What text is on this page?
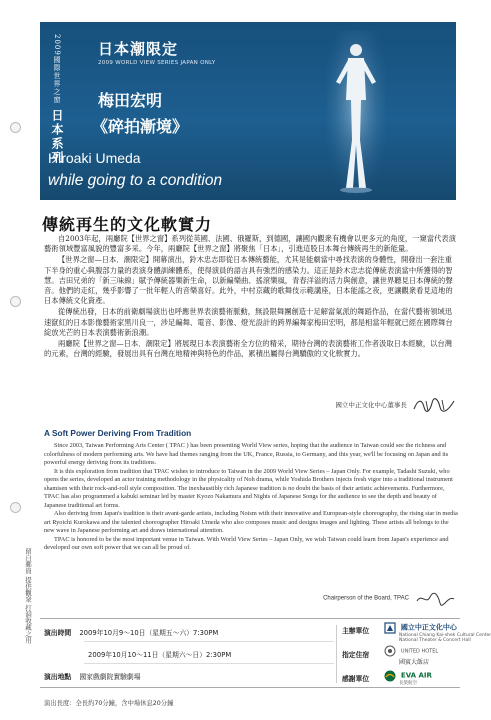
留自郵資 提供觀衆 打洞收藏之用
2009國際世界之窗 日本系列
日本潮限定
2009 WORLD VIEW SERIES JAPAN ONLY
梅田宏明
《碎拍漸境》
Hiroaki Umeda
while going to a condition
傳統再生的文化軟實力

自2003年起，兩廳院【世界之窗】系列從英國、法國、俄羅斯，到德國，讓國內觀衆有機會以更多元的角度，一窺當代表演藝術領域豐富風貌的豐富多采。今年，兩廳院【世界之窗】將聚焦「日本」，引進這股日本舞台傳統再生的新能量。

【世界之窗—日本．潮限定】開幕演出，鈴木忠志即從日本傳統藝能，尤其是能劇當中尋找表演的身體性，開發出一套注重下半身的重心與腹部力量的表演身體訓練體系，使得演員的語言具有強烈的感染力。這正是鈴木忠志從傳統表演當中所獲得的智慧。吉田兄弟的「新三味線」賦予傳統器樂新生命，以新編樂曲、搖滾樂風，青春洋溢的活力與創意，讓世界聽見日本傳統的聲音。他們的走紅，幾乎影響了一批年輕人的音樂喜好。此外，中村京藏的歌舞伎示範講座，日本能謠之夜，更讓觀衆看見這地的日本傳統文化資產。

從傳統出發，日本的前衛劇場演出也呼應世界表演藝術脈動，無設限舞團創造十足解當氣派的舞蹈作品，在當代藝術領域迅速竄紅的日本影像藝術家黑川良一，涉足編舞、電音、影像、燈光設計的跨界編舞家梅田宏明，都是相當年輕就已經在國際舞台綻放光芒的日本表演藝術新浪潮。

兩廳院【世界之窗—日本．潮限定】將展現日本表演藝術全方位的精采，期待台灣的表演藝術工作者汲取日本經驗，以台灣的元素，台灣的經驗，發展出具有台灣在地精神與特色的作品，累積出屬得台灣驕傲的文化軟實力。

國立中正文化中心董事長
A Soft Power Deriving From Tradition

Since 2003, Taiwan Performing Arts Center ( TPAC ) has been presenting World View series, hoping that the audience in Taiwan could see the richness and colorfulness of modern performing arts. We have had themes ranging from the UK, France, Russia, to Germany, and this year, we'll be focusing on Japan and its powerful energy deriving from its traditions.

It is this exploration from tradition that TPAC wishes to introduce to Taiwan in the 2009 World View Series – Japan Only. For example, Tadashi Suzuki, who opens the series, developed an actor training methodology in the physicality of Noh drama, while Yoshida Brothers injects fresh vigor into a traditional instrument shamisen with their rock-and-roll style composition. The inexhaustibly rich Japanese tradition is no doubt the basis of their artistic achievements. Furthermore, TPAC has also programmed a kabuki seminar led by master Kyozo Nakamura and Nights of Japanese Songs for the audience to see the depth and beauty of Japanese traditional art forms.

Also deriving from Japan's tradition is their avant-garde artists, including Noism with their innovative and European-style choreography, the rising star in media art Ryoichi Kurokawa and the talented choreographer Hiroaki Umeda who also composes music and designs images and lighting. These artists all belongs to the new wave in Japanese performing art and draws international attention.

TPAC is honored to be the most important venue in Taiwan. With World View Series – Japan Only, we wish Taiwan could learn from Japan's experience and developed our own soft power that we can all be proud of.

Chairperson of the Board, TPAC
演出時間 2009年10月9～10日（星期五～六）7:30PM
2009年10月10～11日（星期六～日）2:30PM
演出地點 國家戲劇院實驗劇場
主辦單位	國立中正文化中心
National Chiang Kai-shek Cultural Center
National Theater & Concert Hall
指定住宿	UNITED HOTEL
國賓大飯店
感謝單位	EVA AIR
長榮航空
演出長度：全長約70分鐘，含中場休息20分鐘
